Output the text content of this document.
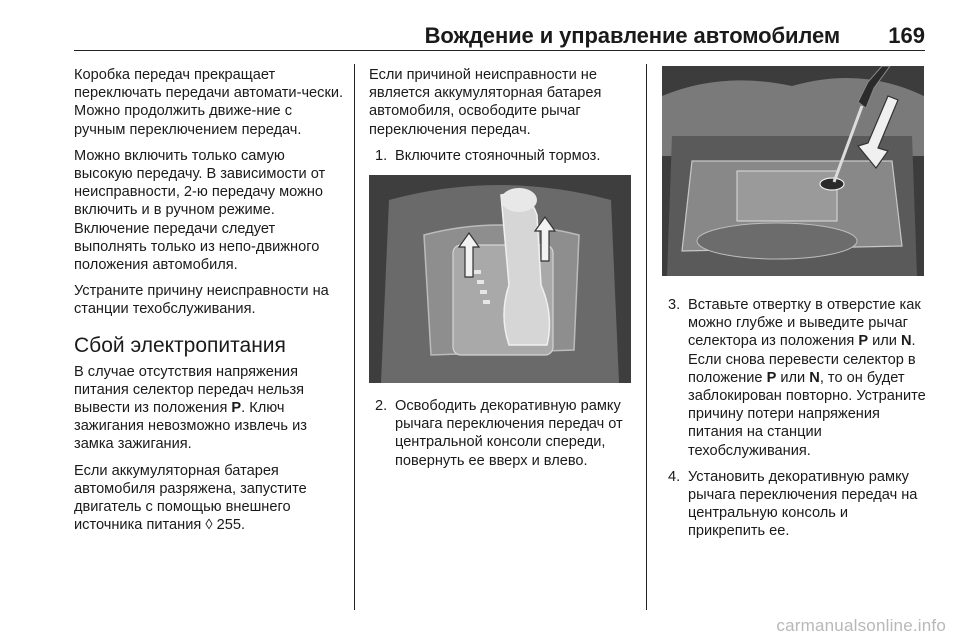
Вождение и управление автомобилем 169

Коробка передач прекращает переключать передачи автомати-чески. Можно продолжить движе-ние с ручным переключением передач.

Можно включить только самую высокую передачу. В зависимости от неисправности, 2-ю передачу можно включить и в ручном режиме. Включение передачи следует выполнять только из непо-движного положения автомобиля.

Устраните причину неисправности на станции техобслуживания.

Сбой электропитания

В случае отсутствия напряжения питания селектор передач нельзя вывести из положения P. Ключ зажигания невозможно извлечь из замка зажигания.

Если аккумуляторная батарея автомобиля разряжена, запустите двигатель с помощью внешнего источника питания ◊ 255.

Если причиной неисправности не является аккумуляторная батарея автомобиля, освободите рычаг переключения передач.

1. Включите стояночный тормоз.
2. Освободить декоративную рамку рычага переключения передач от центральной консоли спереди, повернуть ее вверх и влево.
3. Вставьте отвертку в отверстие как можно глубже и выведите рычаг селектора из положения P или N. Если снова перевести селектор в положение P или N, то он будет заблокирован повторно. Устраните причину потери напряжения питания на станции техобслуживания.
4. Установить декоративную рамку рычага переключения передач на центральную консоль и прикрепить ее.
carmanualsonline.info
